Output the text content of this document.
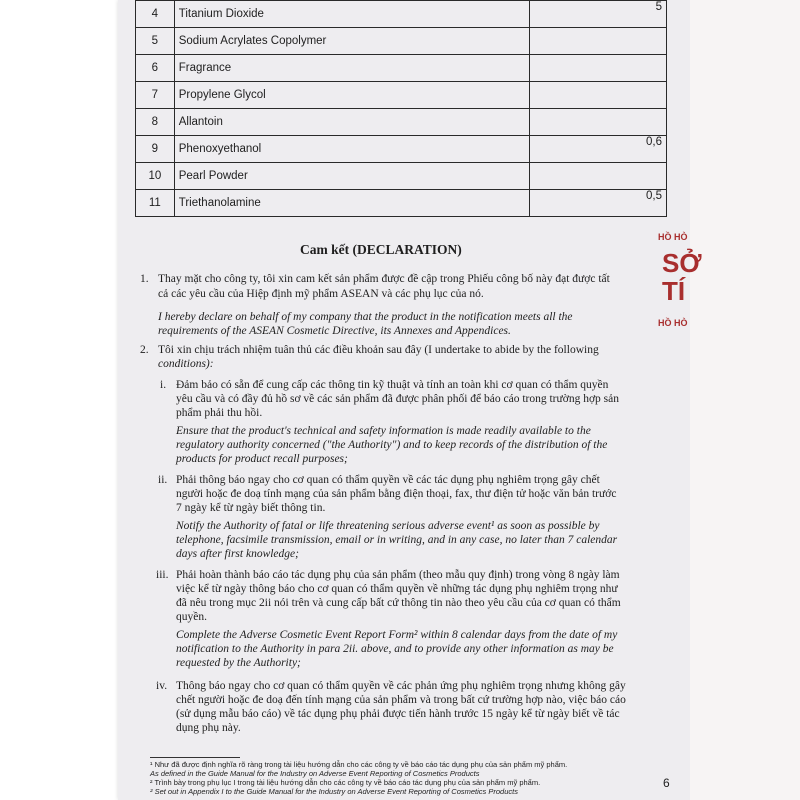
HỒ HÒ
SỞ
TÍ
HỒ HÒ
4	Titanium Dioxide	5
5	Sodium Acrylates Copolymer	
6	Fragrance	
7	Propylene Glycol	
8	Allantoin	
9	Phenoxyethanol	0,6
10	Pearl Powder	
11	Triethanolamine	0,5
Cam kết (DECLARATION)
1. Thay mặt cho công ty, tôi xin cam kết sản phẩm được đề cập trong Phiếu công bố này đạt được tất
cả các yêu cầu của Hiệp định mỹ phẩm ASEAN và các phụ lục của nó.
I hereby declare on behalf of my company that the product in the notification meets all the
requirements of the ASEAN Cosmetic Directive, its Annexes and Appendices.
2. Tôi xin chịu trách nhiệm tuân thủ các điều khoản sau đây (I undertake to abide by the following
conditions):
i. Đảm bảo có sẵn để cung cấp các thông tin kỹ thuật và tính an toàn khi cơ quan có thẩm quyền
yêu cầu và có đầy đủ hồ sơ về các sản phẩm đã được phân phối để báo cáo trong trường hợp sản
phẩm phải thu hồi.
Ensure that the product's technical and safety information is made readily available to the
regulatory authority concerned ("the Authority") and to keep records of the distribution of the
products for product recall purposes;
ii. Phải thông báo ngay cho cơ quan có thẩm quyền về các tác dụng phụ nghiêm trọng gây chết
người hoặc đe doạ tính mạng của sản phẩm bằng điện thoại, fax, thư điện tử hoặc văn bản trước
7 ngày kể từ ngày biết thông tin.
Notify the Authority of fatal or life threatening serious adverse event¹ as soon as possible by
telephone, facsimile transmission, email or in writing, and in any case, no later than 7 calendar
days after first knowledge;
iii. Phải hoàn thành báo cáo tác dụng phụ của sản phẩm (theo mẫu quy định) trong vòng 8 ngày làm
việc kể từ ngày thông báo cho cơ quan có thẩm quyền về những tác dụng phụ nghiêm trọng như
đã nêu trong mục 2ii nói trên và cung cấp bất cứ thông tin nào theo yêu cầu của cơ quan có thẩm
quyền.
Complete the Adverse Cosmetic Event Report Form² within 8 calendar days from the date of my
notification to the Authority in para 2ii. above, and to provide any other information as may be
requested by the Authority;
iv. Thông báo ngay cho cơ quan có thẩm quyền về các phản ứng phụ nghiêm trọng nhưng không gây
chết người hoặc đe doạ đến tính mạng của sản phẩm và trong bất cứ trường hợp nào, việc báo cáo
(sử dụng mẫu báo cáo) về tác dụng phụ phải được tiến hành trước 15 ngày kể từ ngày biết về tác
dụng phụ này.
¹ Như đã được định nghĩa rõ ràng trong tài liệu hướng dẫn cho các công ty về báo cáo tác dụng phụ của sản phẩm mỹ phẩm.
As defined in the Guide Manual for the Industry on Adverse Event Reporting of Cosmetics Products
² Trình bày trong phụ lục I trong tài liệu hướng dẫn cho các công ty về báo cáo tác dụng phụ của sản phẩm mỹ phẩm.
² Set out in Appendix I to the Guide Manual for the Industry on Adverse Event Reporting of Cosmetics Products
6
